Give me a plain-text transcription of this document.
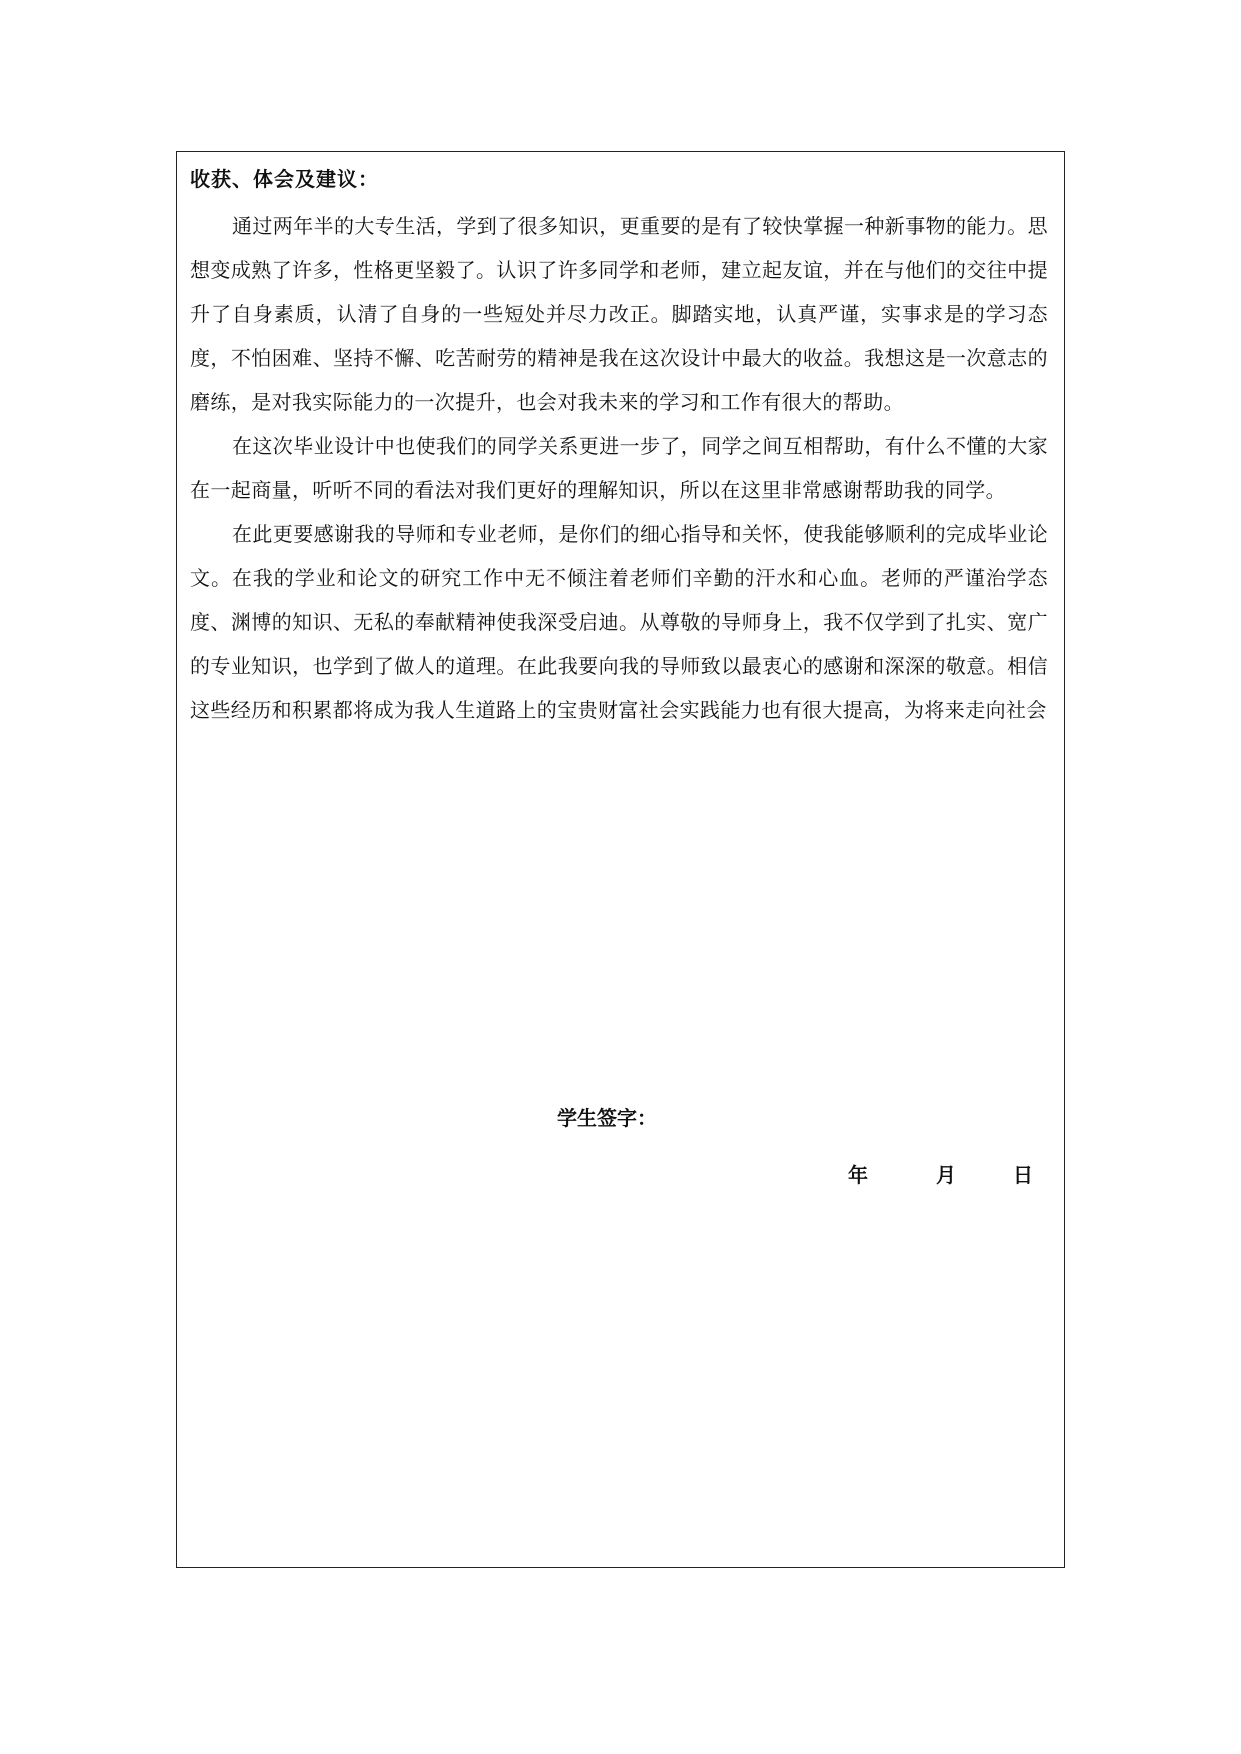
收获、体会及建议：

通过两年半的大专生活，学到了很多知识，更重要的是有了较快掌握一种新事物的能力。思想变成熟了许多，性格更坚毅了。认识了许多同学和老师，建立起友谊，并在与他们的交往中提升了自身素质，认清了自身的一些短处并尽力改正。脚踏实地，认真严谨，实事求是的学习态度，不怕困难、坚持不懈、吃苦耐劳的精神是我在这次设计中最大的收益。我想这是一次意志的磨练，是对我实际能力的一次提升，也会对我未来的学习和工作有很大的帮助。

在这次毕业设计中也使我们的同学关系更进一步了，同学之间互相帮助，有什么不懂的大家在一起商量，听听不同的看法对我们更好的理解知识，所以在这里非常感谢帮助我的同学。

在此更要感谢我的导师和专业老师，是你们的细心指导和关怀，使我能够顺利的完成毕业论文。在我的学业和论文的研究工作中无不倾注着老师们辛勤的汗水和心血。老师的严谨治学态度、渊博的知识、无私的奉献精神使我深受启迪。从尊敬的导师身上，我不仅学到了扎实、宽广的专业知识，也学到了做人的道理。在此我要向我的导师致以最衷心的感谢和深深的敬意。相信这些经历和积累都将成为我人生道路上的宝贵财富社会实践能力也有很大提高，为将来走向社会

学生签字：
年	月	日
